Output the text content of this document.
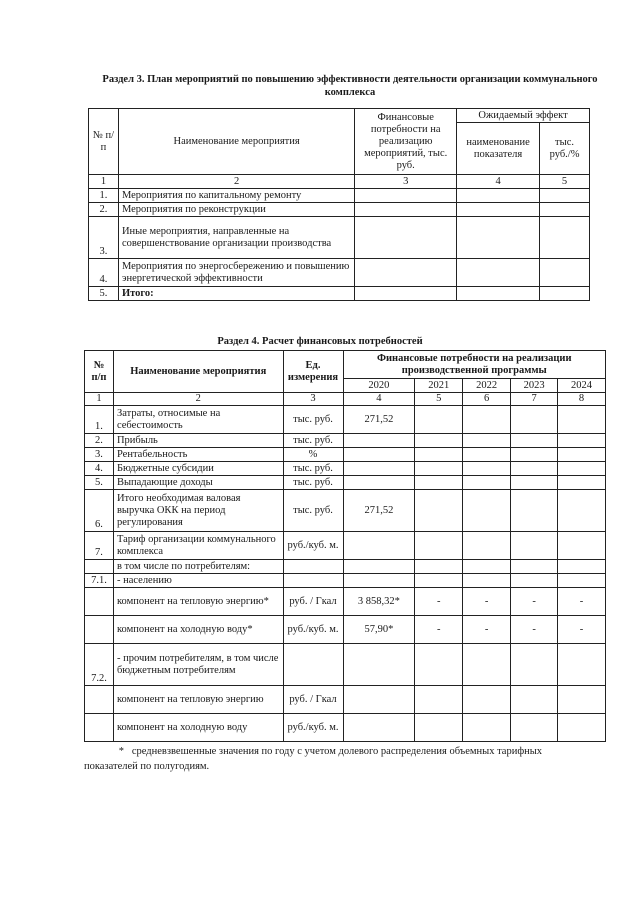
Раздел 3. План мероприятий по повышению эффективности деятельности организации коммунального комплекса
№ п/п	Наименование мероприятия	Финансовые потребности на реализацию мероприятий, тыс. руб.	Ожидаемый эффект	
			наименование показателя	тыс. руб./%
1	2	3	4	5
1.	Мероприятия по капитальному ремонту			
2.	Мероприятия по реконструкции			
3.	Иные мероприятия, направленные на совершенствование организации производства			
4.	Мероприятия по энергосбережению и повышению энергетической эффективности			
5.	Итого:			
Раздел 4. Расчет финансовых потребностей
№ п/п	Наименование мероприятия	Ед. измерения	Финансовые потребности на реализации производственной программы				
			2020	2021	2022	2023	2024
1	2	3	4	5	6	7	8
1.	Затраты, относимые на себестоимость	тыс. руб.	271,52				
2.	Прибыль	тыс. руб.					
3.	Рентабельность	%					
4.	Бюджетные субсидии	тыс. руб.					
5.	Выпадающие доходы	тыс. руб.					
6.	Итого необходимая валовая выручка ОКК на период регулирования	тыс. руб.	271,52				
7.	Тариф организации коммунального комплекса	руб./куб. м.					
	в том числе по потребителям:						
7.1.	- населению						
	компонент на тепловую энергию*	руб. / Гкал	3 858,32*	-	-	-	-
	компонент на холодную воду*	руб./куб. м.	57,90*	-	-	-	-
7.2.	- прочим потребителям, в том числе бюджетным потребителям						
	компонент на тепловую энергию	руб. / Гкал					
	компонент на холодную воду	руб./куб. м.					
* средневзвешенные значения по году с учетом долевого распределения объемных тарифных показателей по полугодиям.
